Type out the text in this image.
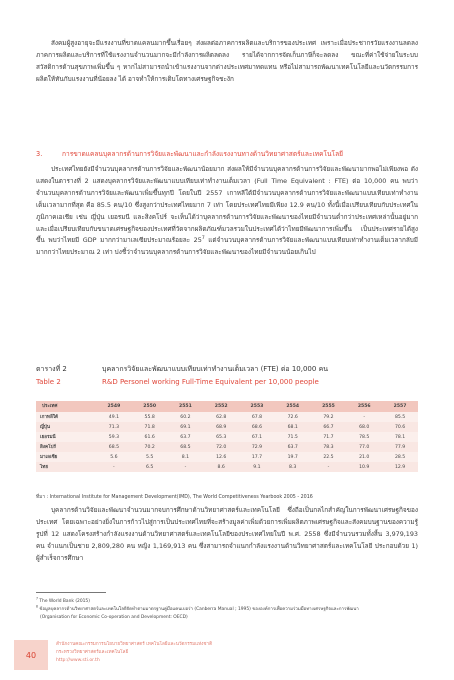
สังคมผู้สูงอายุจะมีแรงงานที่ขาดแคลนมากขึ้นเรื่อยๆ ส่งผลต่อภาคการผลิตและบริการของประเทศ เพราะเมื่อประชากรวัยแรงงานลดลง ภาคการผลิตและบริการที่ใช้แรงงานจำนวนมากจะมีกำลังการผลิตลดลง รายได้จากการจัดเก็บภาษีก็จะลดลง ขณะที่ค่าใช้จ่ายในระบบสวัสดิการด้านสุขภาพเพิ่มขึ้น ๆ หากไม่สามารถนำเข้าแรงงานจากต่างประเทศมาทดแทน หรือไม่สามารถพัฒนาเทคโนโลยีและนวัตกรรมการผลิตให้ทันกับแรงงานที่น้อยลง ได้ อาจทำให้การเติบโตทางเศรษฐกิจชะงัก

3.	การขาดแคลนบุคลากรด้านการวิจัยและพัฒนาและกำลังแรงงานทางด้านวิทยาศาสตร์และเทคโนโลยี

ประเทศไทยยังมีจำนวนบุคลากรด้านการวิจัยและพัฒนาน้อยมาก ส่งผลให้มีจำนวนบุคลากรด้านการวิจัยและพัฒนามากพอไม่เพียงพอ ดังแสดงในตารางที่ 2 แสดงบุคลากรวิจัยและพัฒนาแบบเทียบเท่าทำงานเต็มเวลา (Full Time Equivalent : FTE) ต่อ 10,000 คน พบว่าจำนวนบุคลากรด้านการวิจัยและพัฒนาเพิ่มขึ้นทุกปี โดยในปี 2557 เกาหลีใต้มีจำนวนบุคลากรด้านการวิจัยและพัฒนาแบบเทียบเท่าทำงานเต็มเวลามากที่สุด คือ 85.5 คน/10 ซึ่งสูงกว่าประเทศไทยมาก 7 เท่า โดยประเทศไทยมีเพียง 12.9 คน/10 ทั้งนี้เมื่อเปรียบเทียบกับประเทศในภูมิภาคเอเชีย เช่น ญี่ปุ่น เยอรมนี และสิงคโปร์ จะเห็นได้ว่าบุคลากรด้านการวิจัยและพัฒนาของไทยมีจำนวนต่ำกว่าประเทศเหล่านั้นอยู่มาก และเมื่อเปรียบเทียบกับขนาดเศรษฐกิจของประเทศที่วัดจากผลิตภัณฑ์มวลรวมในประเทศได้ว่าไทยมีพัฒนาการเพิ่มขึ้น เป็นประเทศรายได้สูงขึ้น พบว่าไทยมี GDP มากกว่ามาเลเซียประมาณร้อยละ $25^7$ แต่จำนวนบุคลากรด้านการวิจัยและพัฒนาแบบเทียบเท่าทำงานเต็มเวลากลับมีมากกว่าไทยประมาณ 2 เท่า บ่งชี้ว่าจำนวนบุคลากรด้านการวิจัยและพัฒนาของไทยมีจำนวนน้อยเกินไป

ตารางที่ 2	บุคลากรวิจัยและพัฒนาแบบเทียบเท่าทำงานเต็มเวลา (FTE) ต่อ 10,000 คน
Table 2	R&D Personel working Full-Time Equivalent per 10,000 people
ประเทศ	2549	2550	2551	2552	2553	2554	2555	2556	2557
เกาหลีใต้	49.1	55.8	60.2	62.8	67.8	72.6	79.2	-	85.5
ญี่ปุ่น	71.3	71.8	69.1	68.9	68.6	68.1	66.7	68.0	70.6
เยอรมนี	59.3	61.6	63.7	65.3	67.1	71.5	71.7	78.5	78.1
สิงคโปร์	68.5	70.2	68.5	72.0	72.9	63.7	78.3	77.0	77.9
มาเลเซีย	5.6	5.5	8.1	12.6	17.7	19.7	22.5	21.0	28.5
ไทย	-	6.5	-	8.6	9.1	8.3	-	10.9	12.9
ที่มา : International Institute for Management Development(IMD), The World Competitiveness Yearbook 2005 - 2016

บุคลากรด้านวิจัยและพัฒนาจำนวนมากจบการศึกษาด้านวิทยาศาสตร์และเทคโนโลยี ซึ่งถือเป็นกลไกสำคัญในการพัฒนาเศรษฐกิจของประเทศ โดยเฉพาะอย่างยิ่งในการก้าวไปสู่การเป็นประเทศไทยที่จะสร้างมูลค่าเพิ่มด้วยการเพิ่มผลิตภาพเศรษฐกิจและสังคมบนฐานของความรู้ รูปที่ 12 แสดงโครงสร้างกำลังแรงงานด้านวิทยาศาสตร์และเทคโนโลยีของประเทศไทยในปี พ.ศ. 2558 ซึ่งมีจำนวนรวมทั้งสิ้น 3,979,193 คน จำแนกเป็นชาย 2,809,280 คน หญิง 1,169,913 คน ซึ่งสามารถจำแนกกำลังแรงงานด้านวิทยาศาสตร์และเทคโนโลยี ประกอบด้วย 1) ผู้สำเร็จการศึกษา

$^7$ The World Bank (2015)

$^8$ ข้อมูลบุคลากรด้านวิทยาศาสตร์และเทคโนโลยีจัดทำตามมาตรฐานคู่มือแคนเบอร่า (Canberra Manual ; 1995) ขององค์การเพื่อความร่วมมือทางเศรษฐกิจและการพัฒนา

(Organisation for Economic Co-operation and Development: OECD)

40

สำนักงานคณะกรรมการนโยบายวิทยาศาสตร์ เทคโนโลยีและนวัตกรรมแห่งชาติ

กระทรวงวิทยาศาสตร์และเทคโนโลยี

http://www.sti.or.th
